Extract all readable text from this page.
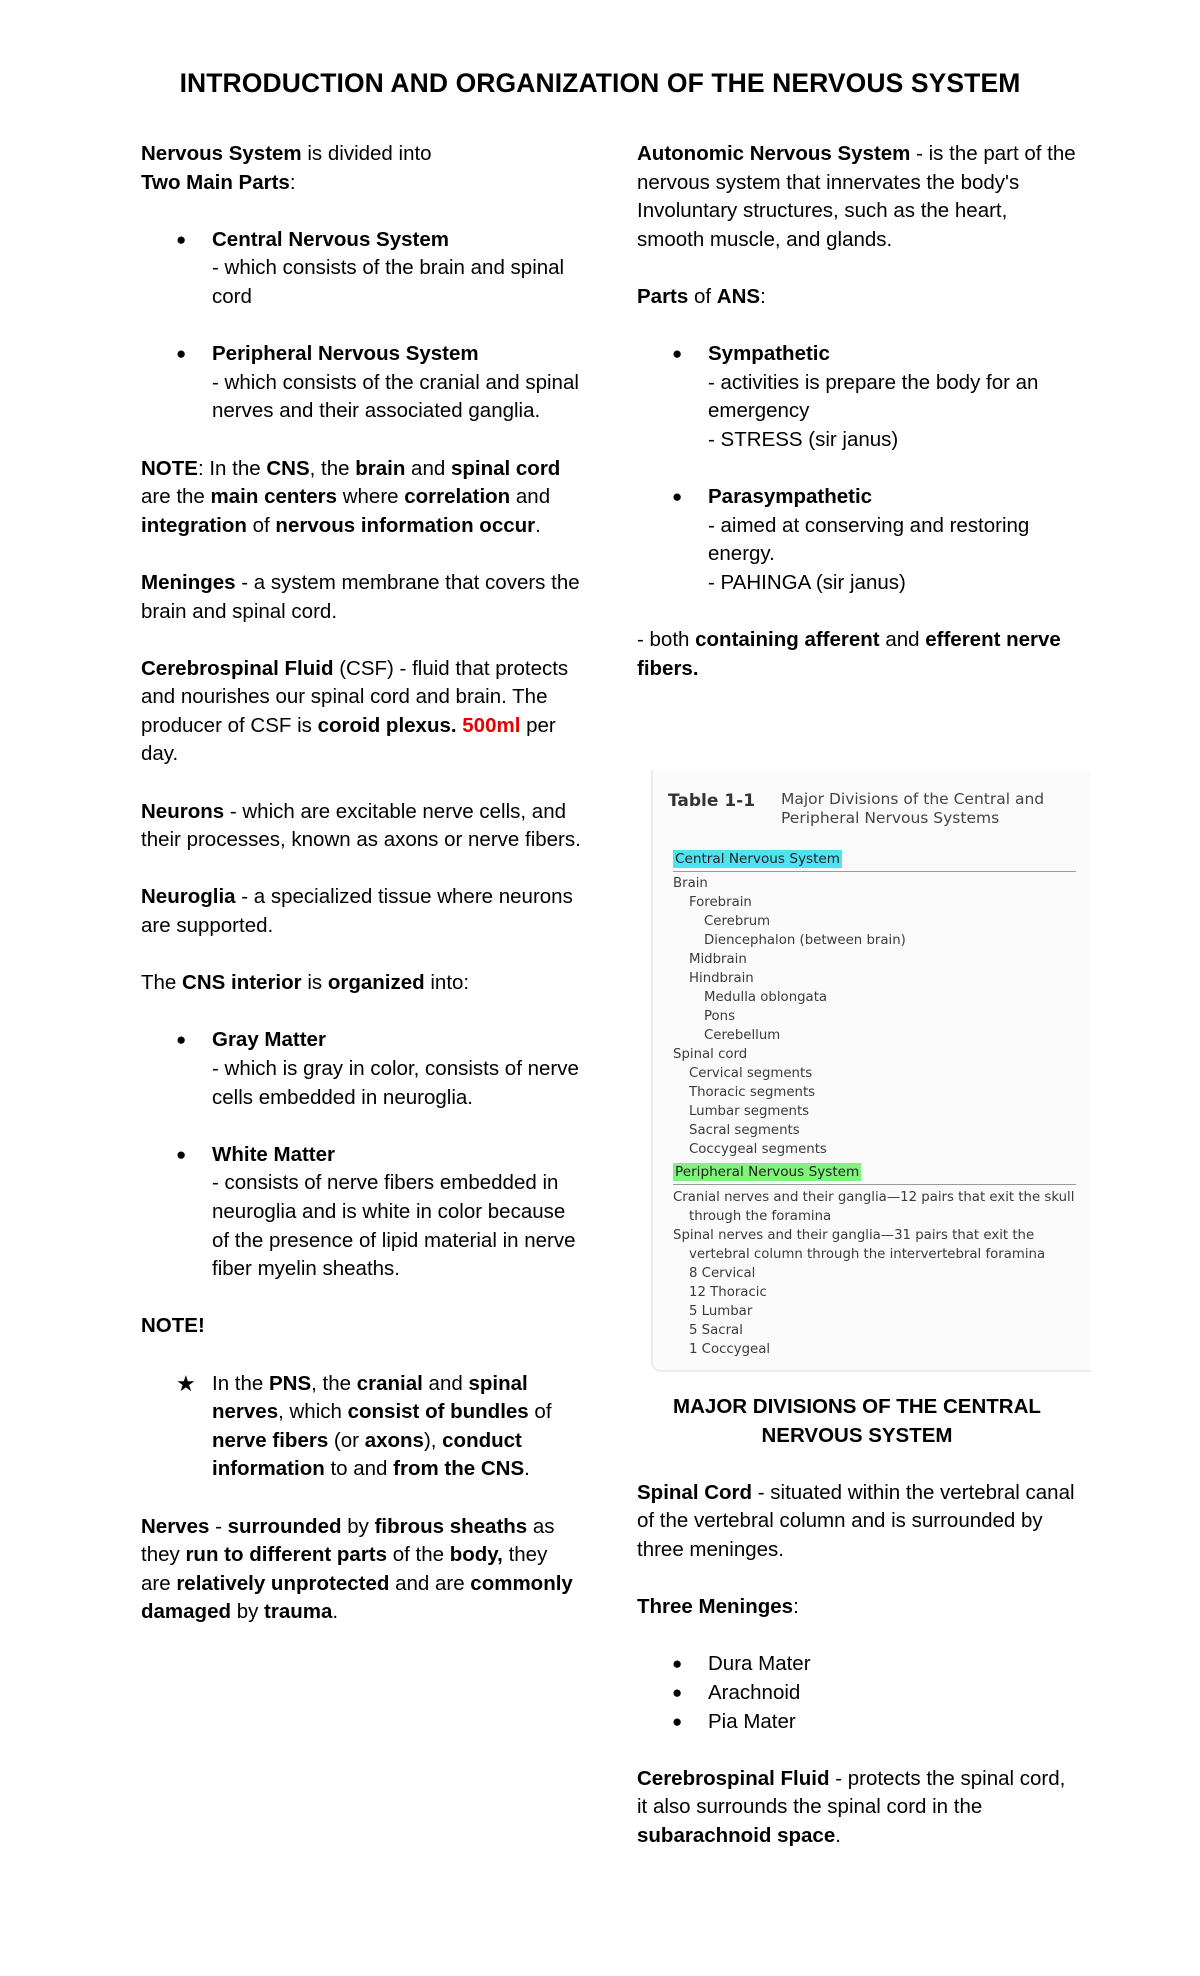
INTRODUCTION AND ORGANIZATION OF THE NERVOUS SYSTEM

Nervous System is divided into
Two Main Parts:

● Central Nervous System
- which consists of the brain and spinal cord
● Peripheral Nervous System
- which consists of the cranial and spinal nerves and their associated ganglia.

NOTE: In the CNS, the brain and spinal cord are the main centers where correlation and integration of nervous information occur.

Meninges - a system membrane that covers the brain and spinal cord.

Cerebrospinal Fluid (CSF) - fluid that protects and nourishes our spinal cord and brain. The producer of CSF is coroid plexus. 500ml per day.

Neurons - which are excitable nerve cells, and their processes, known as axons or nerve fibers.

Neuroglia - a specialized tissue where neurons are supported.

The CNS interior is organized into:

● Gray Matter
- which is gray in color, consists of nerve cells embedded in neuroglia.
● White Matter
- consists of nerve fibers embedded in neuroglia and is white in color because of the presence of lipid material in nerve fiber myelin sheaths.

NOTE!

★ In the PNS, the cranial and spinal nerves, which consist of bundles of nerve fibers (or axons), conduct information to and from the CNS.

Nerves - surrounded by fibrous sheaths as they run to different parts of the body, they are relatively unprotected and are commonly damaged by trauma.

Autonomic Nervous System - is the part of the nervous system that innervates the body's Involuntary structures, such as the heart, smooth muscle, and glands.

Parts of ANS:

● Sympathetic
- activities is prepare the body for an emergency
- STRESS (sir janus)
● Parasympathetic
- aimed at conserving and restoring energy.
- PAHINGA (sir janus)

- both containing afferent and efferent nerve fibers.

Table 1-1 Major Divisions of the Central and Peripheral Nervous Systems
Central Nervous System
Brain
Forebrain
Cerebrum
Diencephalon (between brain)
Midbrain
Hindbrain
Medulla oblongata
Pons
Cerebellum
Spinal cord
Cervical segments
Thoracic segments
Lumbar segments
Sacral segments
Coccygeal segments
Peripheral Nervous System
Cranial nerves and their ganglia—12 pairs that exit the skull through the foramina
Spinal nerves and their ganglia—31 pairs that exit the vertebral column through the intervertebral foramina
8 Cervical
12 Thoracic
5 Lumbar
5 Sacral
1 Coccygeal

MAJOR DIVISIONS OF THE CENTRAL NERVOUS SYSTEM

Spinal Cord - situated within the vertebral canal of the vertebral column and is surrounded by three meninges.

Three Meninges:

● Dura Mater
● Arachnoid
● Pia Mater

Cerebrospinal Fluid - protects the spinal cord, it also surrounds the spinal cord in the subarachnoid space.
